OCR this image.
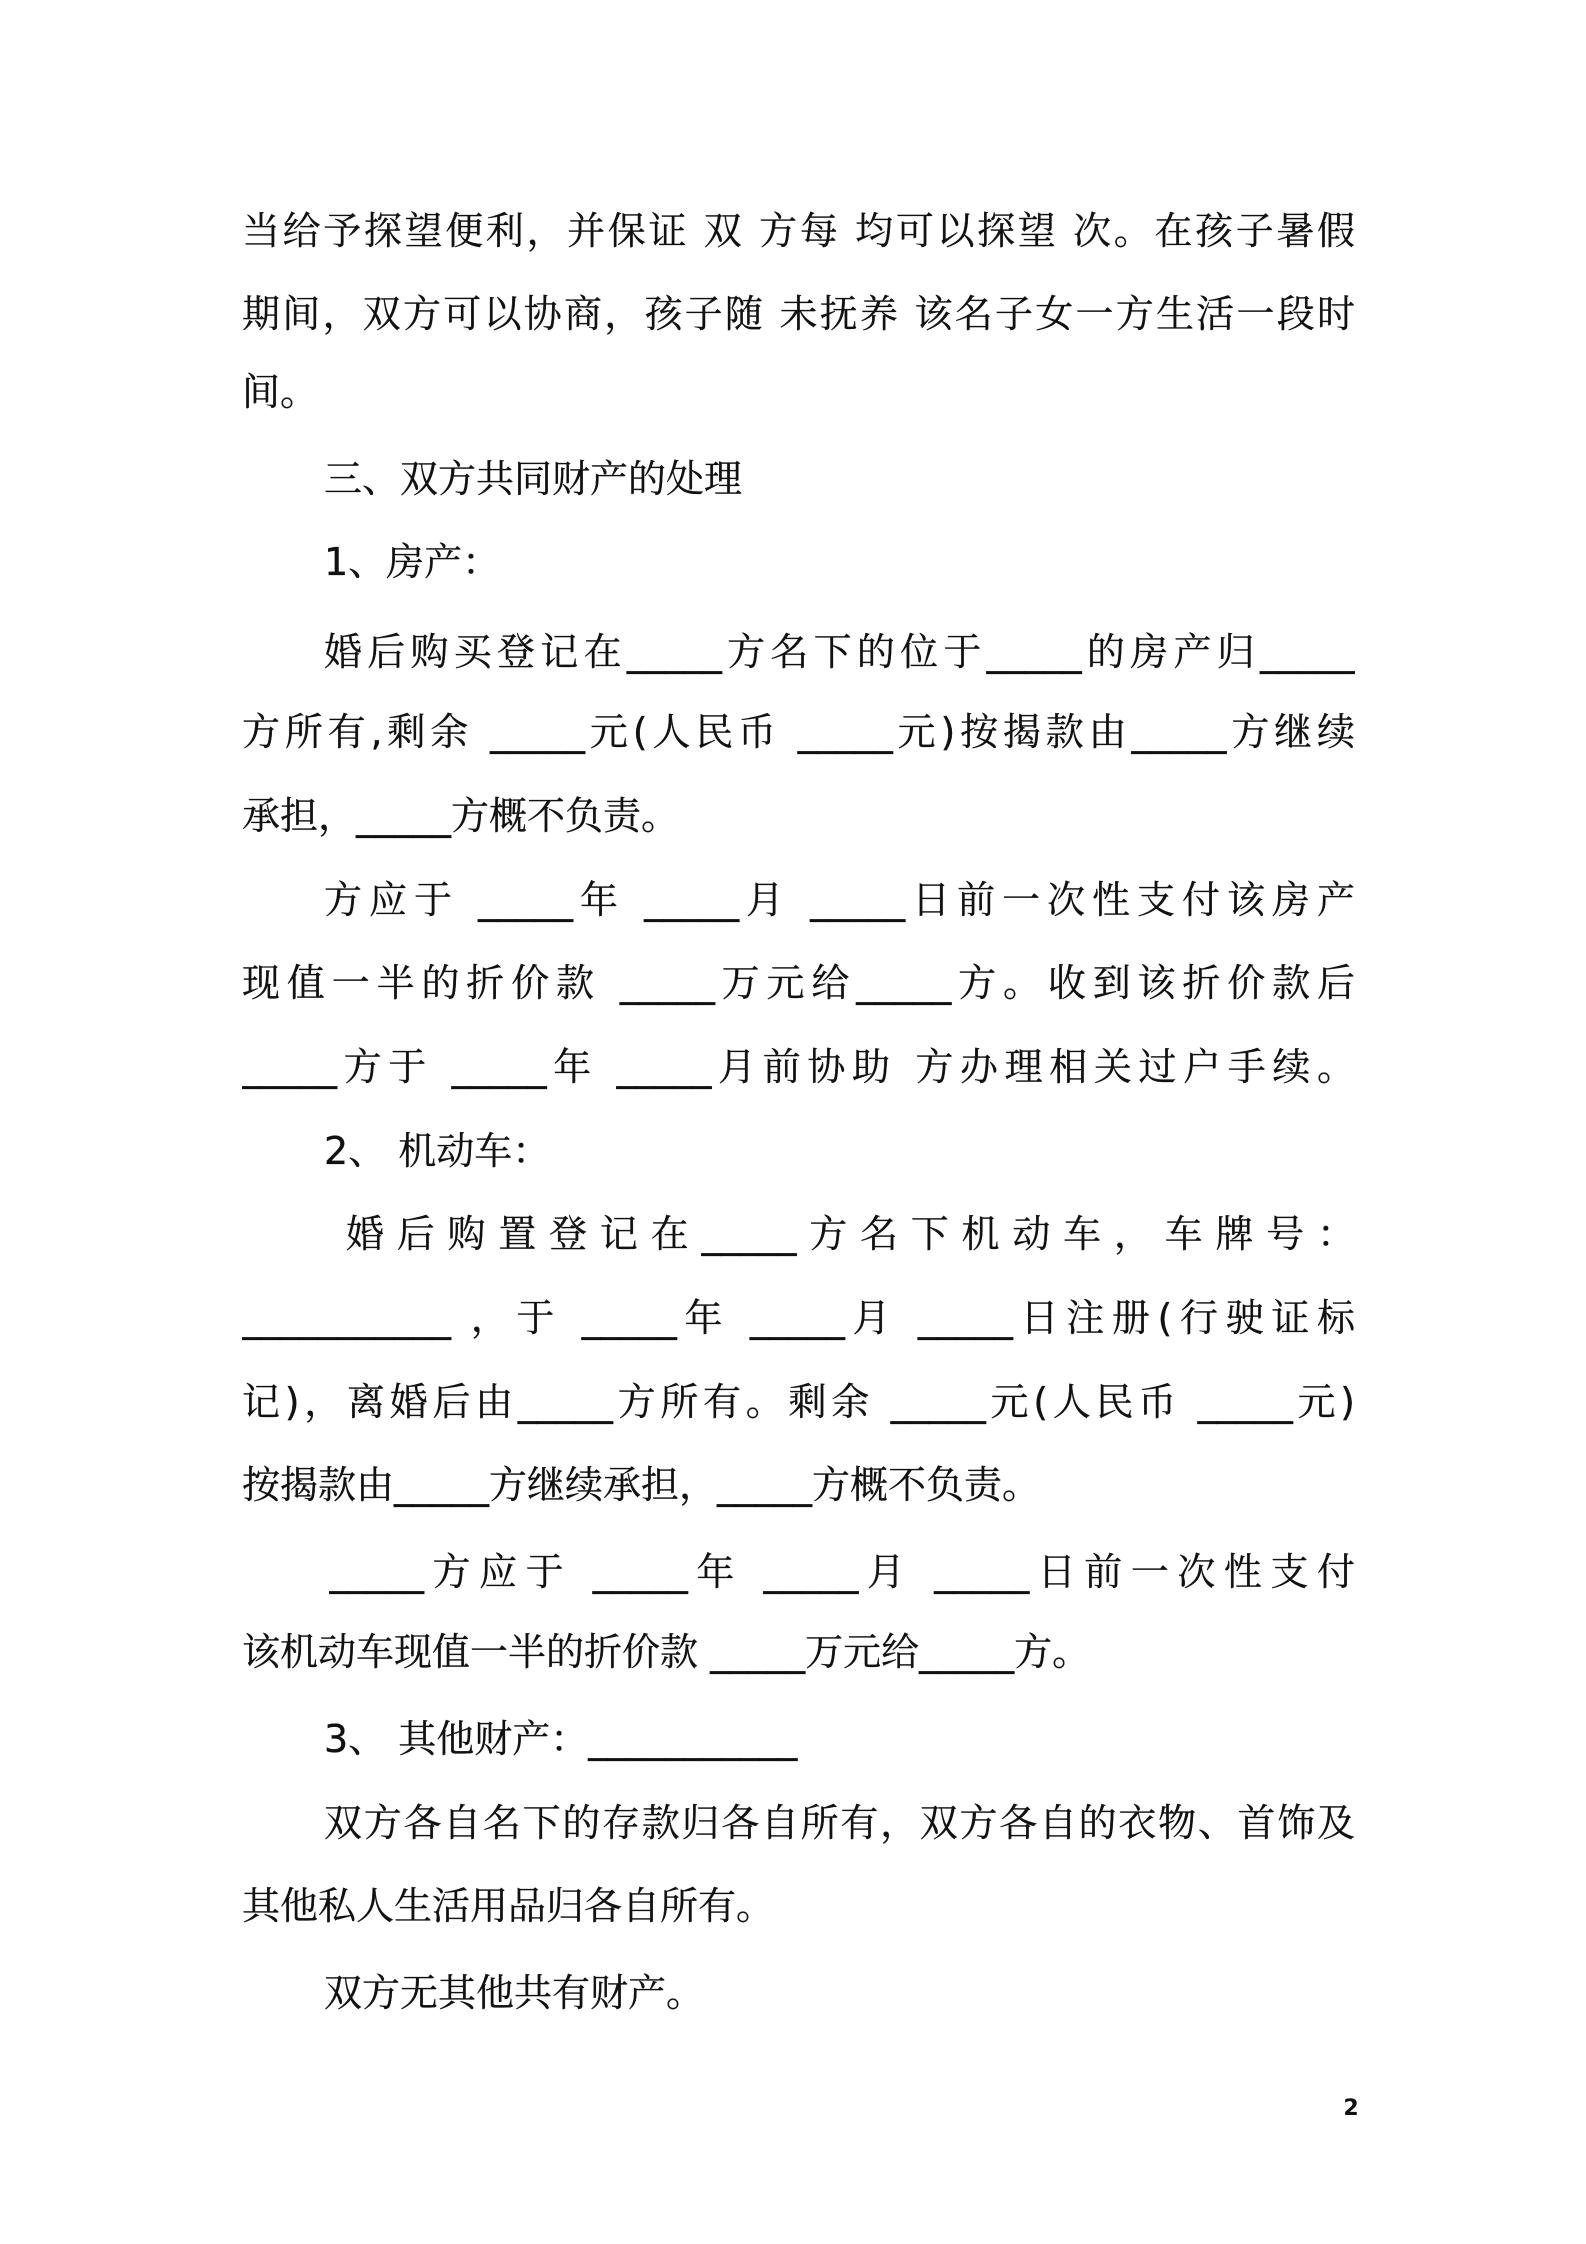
当给予探望便利，并保证 双 方每 均可以探望 次。在孩子暑假
期间，双方可以协商，孩子随 未抚养 该名子女一方生活一段时
间。
三、双方共同财产的处理
1、房产：
婚后购买登记在_____方名下的位于_____的房产归_____
方所有,剩余 _____元(人民币 _____元)按揭款由_____方继续
承担，_____方概不负责。
方应于 _____年 _____月 _____日前一次性支付该房产
现值一半的折价款 _____万元给_____方。收到该折价款后
_____方于 _____年 _____月前协助 方办理相关过户手续。
2、 机动车：
婚后购置登记在_____方名下机动车，车牌号：
___________ ，于 _____年 _____月 _____日注册(行驶证标
记)，离婚后由_____方所有。剩余 _____元(人民币 _____元)
按揭款由_____方继续承担，_____方概不负责。
_____方应于 _____年 _____月 _____日前一次性支付
该机动车现值一半的折价款 _____万元给_____方。
3、 其他财产：___________
双方各自名下的存款归各自所有，双方各自的衣物、首饰及
其他私人生活用品归各自所有。
双方无其他共有财产。
2
